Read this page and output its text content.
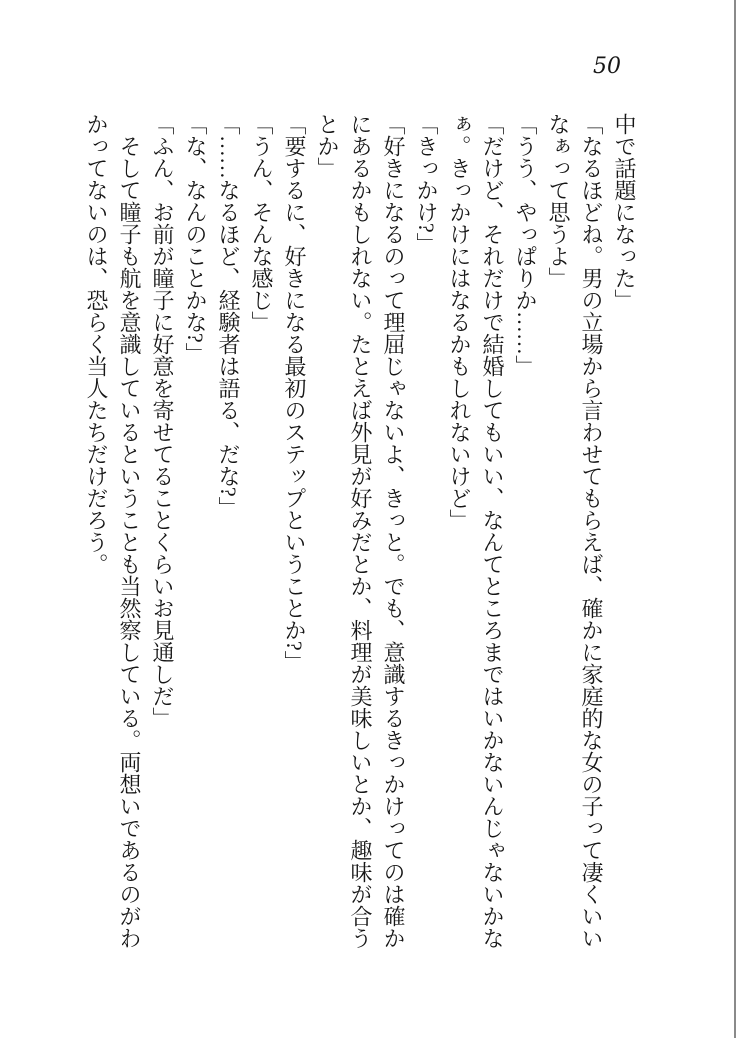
50
中で話題になった」
「なるほどね。男の立場から言わせてもらえば、確かに家庭的な女の子って凄くいい
なぁって思うよ」
「うう、やっぱりか……」
「だけど、それだけで結婚してもいい、なんてところまではいかないんじゃないかな
ぁ。きっかけにはなるかもしれないけど」
「きっかけ?」
「好きになるのって理屈じゃないよ、きっと。でも、意識するきっかけってのは確か
にあるかもしれない。たとえば外見が好みだとか、料理が美味しいとか、趣味が合う
とか」
「要するに、好きになる最初のステップということか?」
「うん、そんな感じ」
「……なるほど、経験者は語る、だな?」
「な、なんのことかな?」
「ふん、お前が瞳子に好意を寄せてることくらいお見通しだ」
　そして瞳子も航を意識しているということも当然察している。両想いであるのがわ
かってないのは、恐らく当人たちだけだろう。
